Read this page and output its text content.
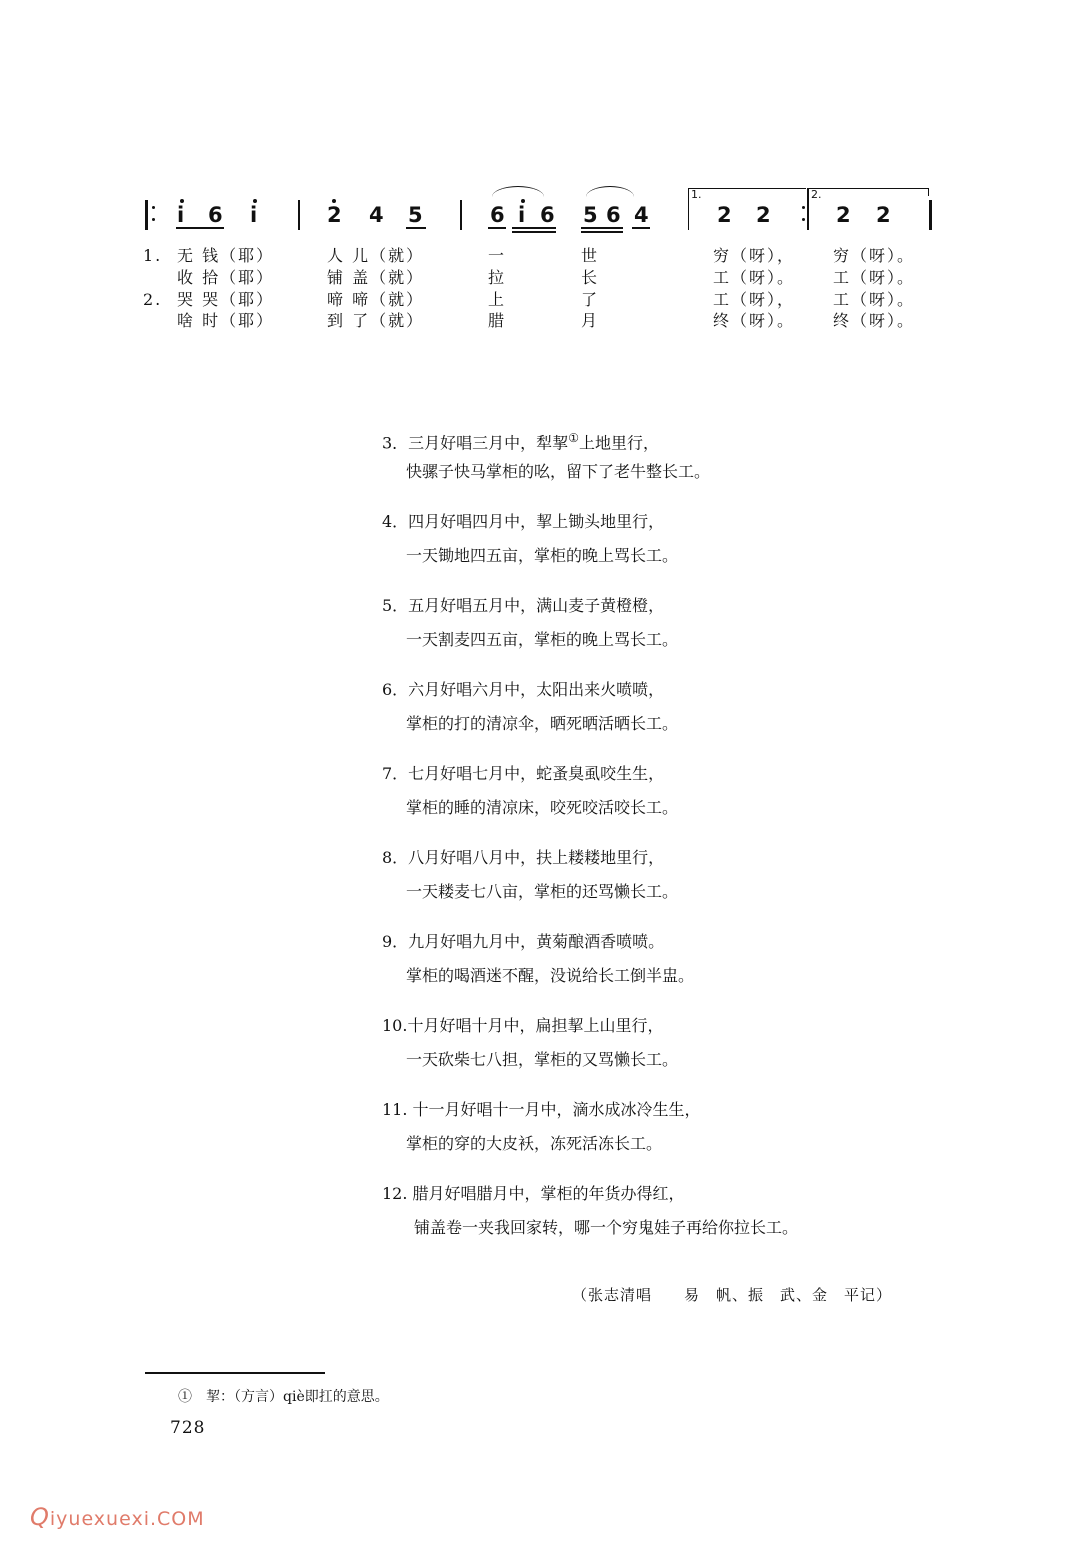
i 6 i	2 4 5	6 i 6 5 6 4
1.
2 2
2.
2 2
1. 无 钱（耶）	人 儿（就）	一	世	穷（呀）， 穷（呀）。
收 拾（耶）	铺 盖（就）	拉	长	工（呀）。 工（呀）。
2. 哭 哭（耶）	啼 啼（就）	上	了	工（呀）， 工（呀）。
啥 时（耶）	到 了（就）	腊	月	终（呀）。 终（呀）。
3．三月好唱三月中，犁挈①上地里行，
快骡子快马掌柜的吆，留下了老牛整长工。
4．四月好唱四月中，挈上锄头地里行，
一天锄地四五亩，掌柜的晚上骂长工。
5．五月好唱五月中，满山麦子黄橙橙，
一天割麦四五亩，掌柜的晚上骂长工。
6．六月好唱六月中，太阳出来火喷喷，
掌柜的打的清凉伞，晒死晒活晒长工。
7．七月好唱七月中，蛇蚤臭虱咬生生，
掌柜的睡的清凉床，咬死咬活咬长工。
8．八月好唱八月中，扶上耧耧地里行，
一天耧麦七八亩，掌柜的还骂懒长工。
9．九月好唱九月中，黄菊酿酒香喷喷。
掌柜的喝酒迷不醒，没说给长工倒半盅。
10.十月好唱十月中，扁担挈上山里行，
一天砍柴七八担，掌柜的又骂懒长工。
11. 十一月好唱十一月中，滴水成冰冷生生，
掌柜的穿的大皮袄，冻死活冻长工。
12. 腊月好唱腊月中，掌柜的年货办得红，
铺盖卷一夹我回家转，哪一个穷鬼娃子再给你拉长工。
（张志清唱　　易　帆、振　武、金　平记）
①　挈：（方言）qiè即扛的意思。
728
Qiyuexuexi.COM
